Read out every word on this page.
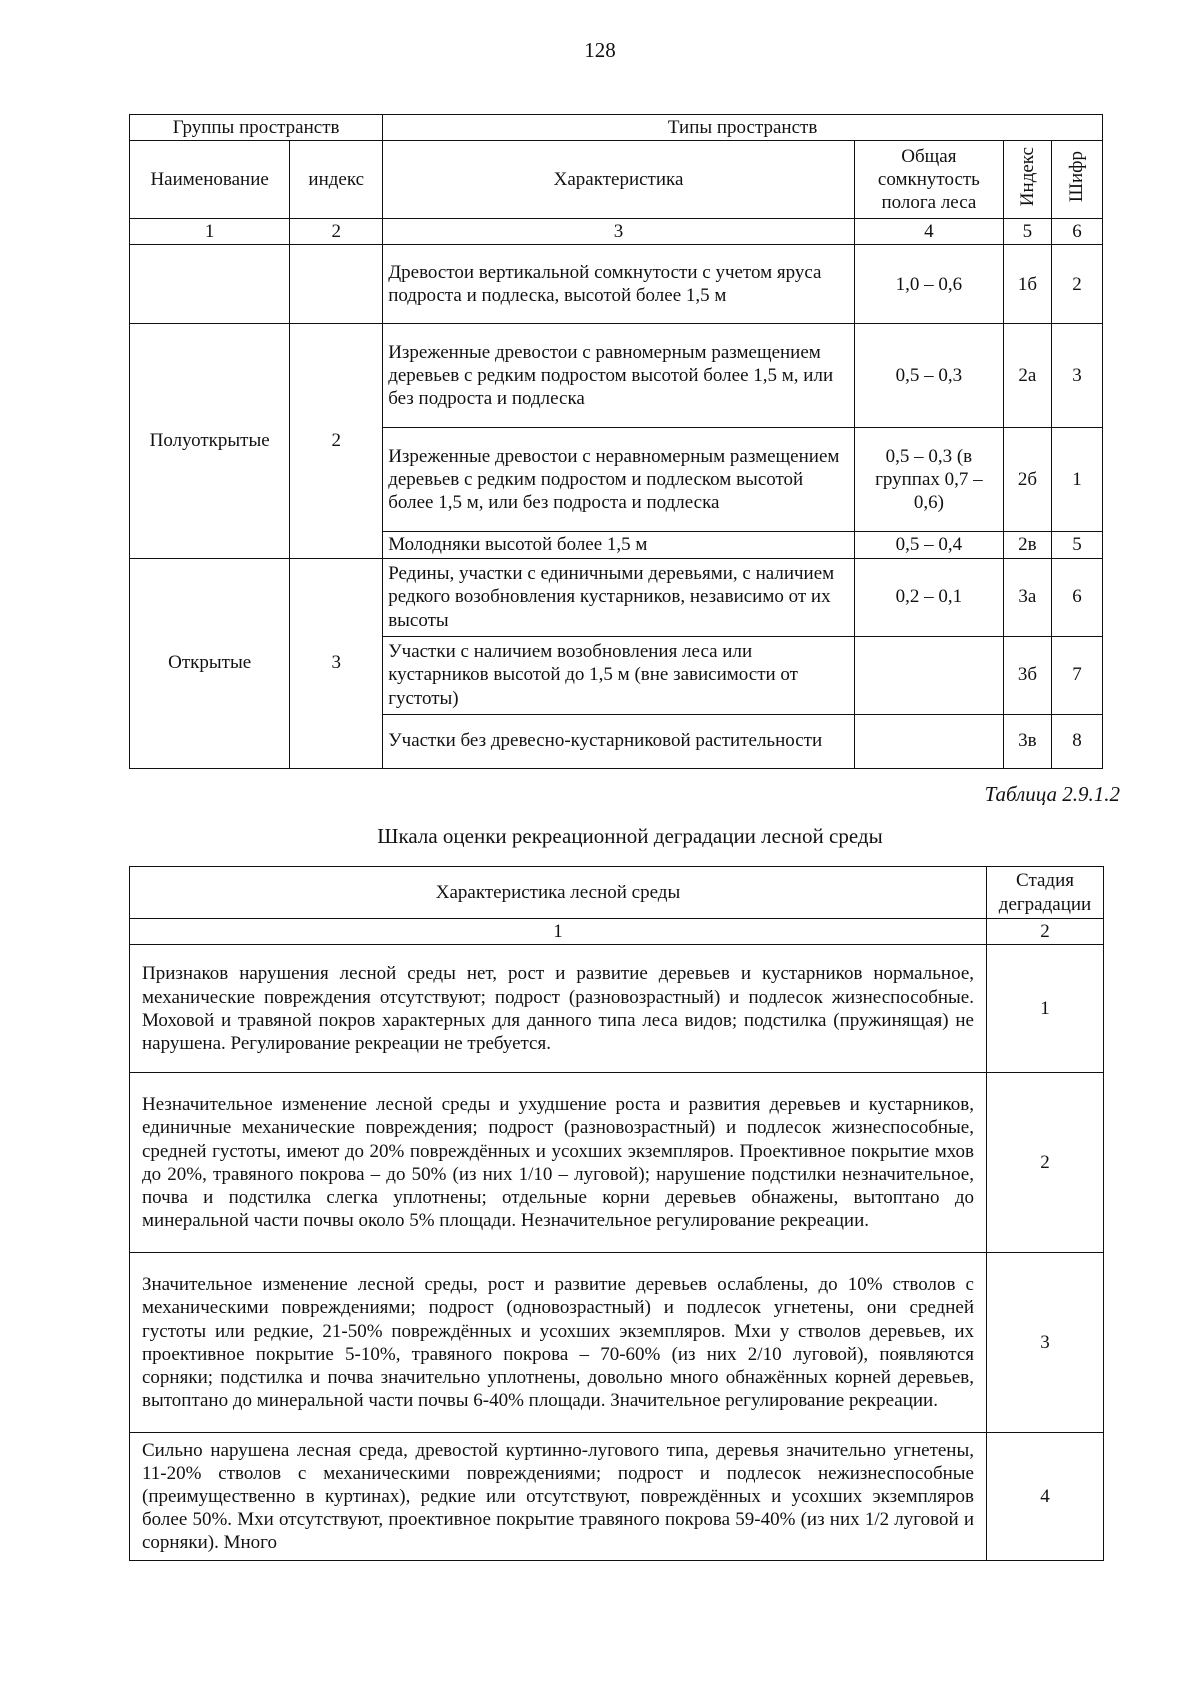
128
Группы пространств		Типы пространств			
Наименование	индекс	Характеристика	Общая сомкнутость полога леса	Индекс	Шифр
1	2	3	4	5	6
		Древостои вертикальной сомкнутости с учетом яруса подроста и подлеска, высотой более 1,5 м	1,0 – 0,6	1б	2
Полуоткрытые	2	Изреженные древостои с равномерным размещением деревьев с редким подростом высотой более 1,5 м, или без подроста и подлеска	0,5 – 0,3	2а	3
		Изреженные древостои с неравномерным размещением деревьев с редким подростом и подлеском высотой более 1,5 м, или без подроста и подлеска	0,5 – 0,3 (в группах 0,7 – 0,6)	2б	1
		Молодняки высотой более 1,5 м	0,5 – 0,4	2в	5
Открытые	3	Редины, участки с единичными деревьями, с наличием редкого возобновления кустарников, независимо от их высоты	0,2 – 0,1	3а	6
		Участки с наличием возобновления леса или кустарников высотой до 1,5 м (вне зависимости от густоты)		3б	7
		Участки без древесно-кустарниковой растительности		3в	8
Таблица 2.9.1.2
Шкала оценки рекреационной деградации лесной среды
Характеристика лесной среды	Стадия деградации
1	2
Признаков нарушения лесной среды нет, рост и развитие деревьев и кустарников нормальное, механические повреждения отсутствуют; подрост (разновозрастный) и подлесок жизнеспособные. Моховой и травяной покров характерных для данного типа леса видов; подстилка (пружинящая) не нарушена. Регулирование рекреации не требуется.	1
Незначительное изменение лесной среды и ухудшение роста и развития деревьев и кустарников, единичные механические повреждения; подрост (разновозрастный) и подлесок жизнеспособные, средней густоты, имеют до 20% повреждённых и усохших экземпляров. Проективное покрытие мхов до 20%, травяного покрова – до 50% (из них 1/10 – луговой); нарушение подстилки незначительное, почва и подстилка слегка уплотнены; отдельные корни деревьев обнажены, вытоптано до минеральной части почвы около 5% площади. Незначительное регулирование рекреации.	2
Значительное изменение лесной среды, рост и развитие деревьев ослаблены, до 10% стволов с механическими повреждениями; подрост (одновозрастный) и подлесок угнетены, они средней густоты или редкие, 21-50% повреждённых и усохших экземпляров. Мхи у стволов деревьев, их проективное покрытие 5-10%, травяного покрова – 70-60% (из них 2/10 луговой), появляются сорняки; подстилка и почва значительно уплотнены, довольно много обнажённых корней деревьев, вытоптано до минеральной части почвы 6-40% площади. Значительное регулирование рекреации.	3
Сильно нарушена лесная среда, древостой куртинно-лугового типа, деревья значительно угнетены, 11-20% стволов с механическими повреждениями; подрост и подлесок нежизнеспособные (преимущественно в куртинах), редкие или отсутствуют, повреждённых и усохших экземпляров более 50%. Мхи отсутствуют, проективное покрытие травяного покрова 59-40% (из них 1/2 луговой и сорняки). Много	4
